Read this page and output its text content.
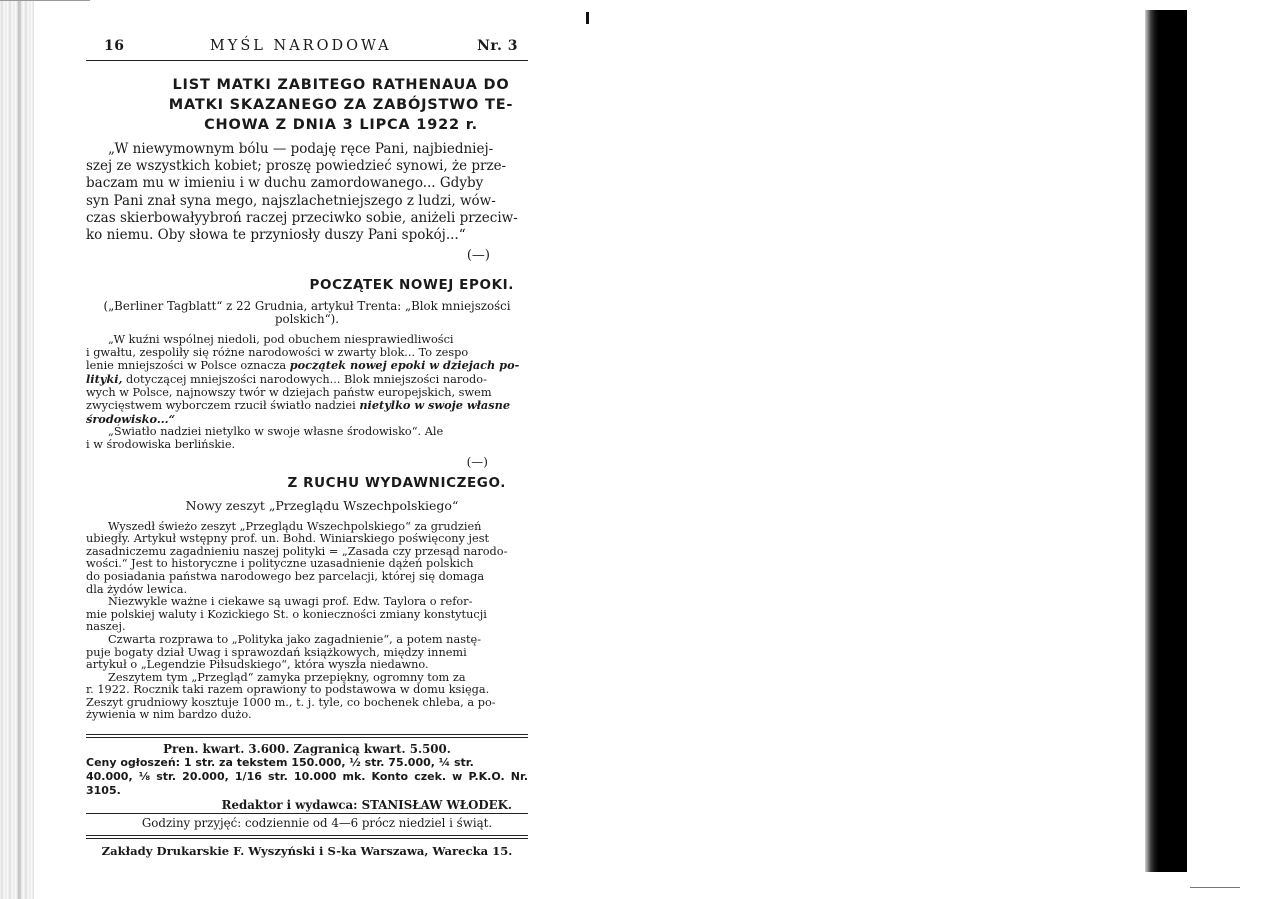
16	MYŚL NARODOWA	Nr. 3
LIST MATKI ZABITEGO RATHENAUA DO
MATKI SKAZANEGO ZA ZABÓJSTWO TE-
CHOWA Z DNIA 3 LIPCA 1922 r.

„W niewymownym bólu — podaję ręce Pani, najbiedniej-
szej ze wszystkich kobiet; proszę powiedzieć synowi, że prze-
baczam mu w imieniu i w duchu zamordowanego... Gdyby
syn Pani znał syna mego, najszlachetniejszego z ludzi, wów-
czas skierbowałyybroń raczej przeciwko sobie, aniżeli przeciw-
ko niemu. Oby słowa te przyniosły duszy Pani spokój...“

(—)
POCZĄTEK NOWEJ EPOKI.
(„Berliner Tagblatt“ z 22 Grudnia, artykuł Trenta: „Blok mniejszości
polskich“).

„W kuźni wspólnej niedoli, pod obuchem niesprawiedliwości
i gwałtu, zespoliły się różne narodowości w zwarty blok... To zespo
lenie mniejszości w Polsce oznacza początek nowej epoki w dziejach po-
lityki, dotyczącej mniejszości narodowych... Blok mniejszości narodo-
wych w Polsce, najnowszy twór w dziejach państw europejskich, swem
zwycięstwem wyborczem rzucił światło nadziei nietylko w swoje własne
środowisko...“

„Światło nadziei nietylko w swoje własne środowisko“. Ale
i w środowiska berlińskie.

(—)
Z RUCHU WYDAWNICZEGO.
Nowy zeszyt „Przeglądu Wszechpolskiego“

Wyszedł świeżo zeszyt „Przeglądu Wszechpolskiego“ za grudzień
ubiegły. Artykuł wstępny prof. un. Bohd. Winiarskiego poświęcony jest
zasadniczemu zagadnieniu naszej polityki = „Zasada czy przesąd narodo-
wości.“ Jest to historyczne i polityczne uzasadnienie dążeń polskich
do posiadania państwa narodowego bez parcelacji, której się domaga
dla żydów lewica.

Niezwykle ważne i ciekawe są uwagi prof. Edw. Taylora o refor-
mie polskiej waluty i Kozickiego St. o konieczności zmiany konstytucji
naszej.

Czwarta rozprawa to „Polityka jako zagadnienie“, a potem nastę-
puje bogaty dział Uwag i sprawozdań książkowych, między innemi
artykuł o „Legendzie Piłsudskiego“, która wyszła niedawno.

Zeszytem tym „Przegląd“ zamyka przepiękny, ogromny tom za
r. 1922. Rocznik taki razem oprawiony to podstawowa w domu księga.
Zeszyt grudniowy kosztuje 1000 m., t. j. tyle, co bochenek chleba, a po-
żywienia w nim bardzo dużo.

Pren. kwart. 3.600. Zagranicą kwart. 5.500.
Ceny ogłoszeń: 1 str. za tekstem 150.000, ½ str. 75.000, ¼ str.
40.000, ⅛ str. 20.000, 1/16 str. 10.000 mk. Konto czek. w P.K.O. Nr. 3105.
Redaktor i wydawca: STANISŁAW WŁODEK.
Godziny przyjęć: codziennie od 4—6 prócz niedziel i świąt.
Zakłady Drukarskie F. Wyszyński i S-ka Warszawa, Warecka 15.
